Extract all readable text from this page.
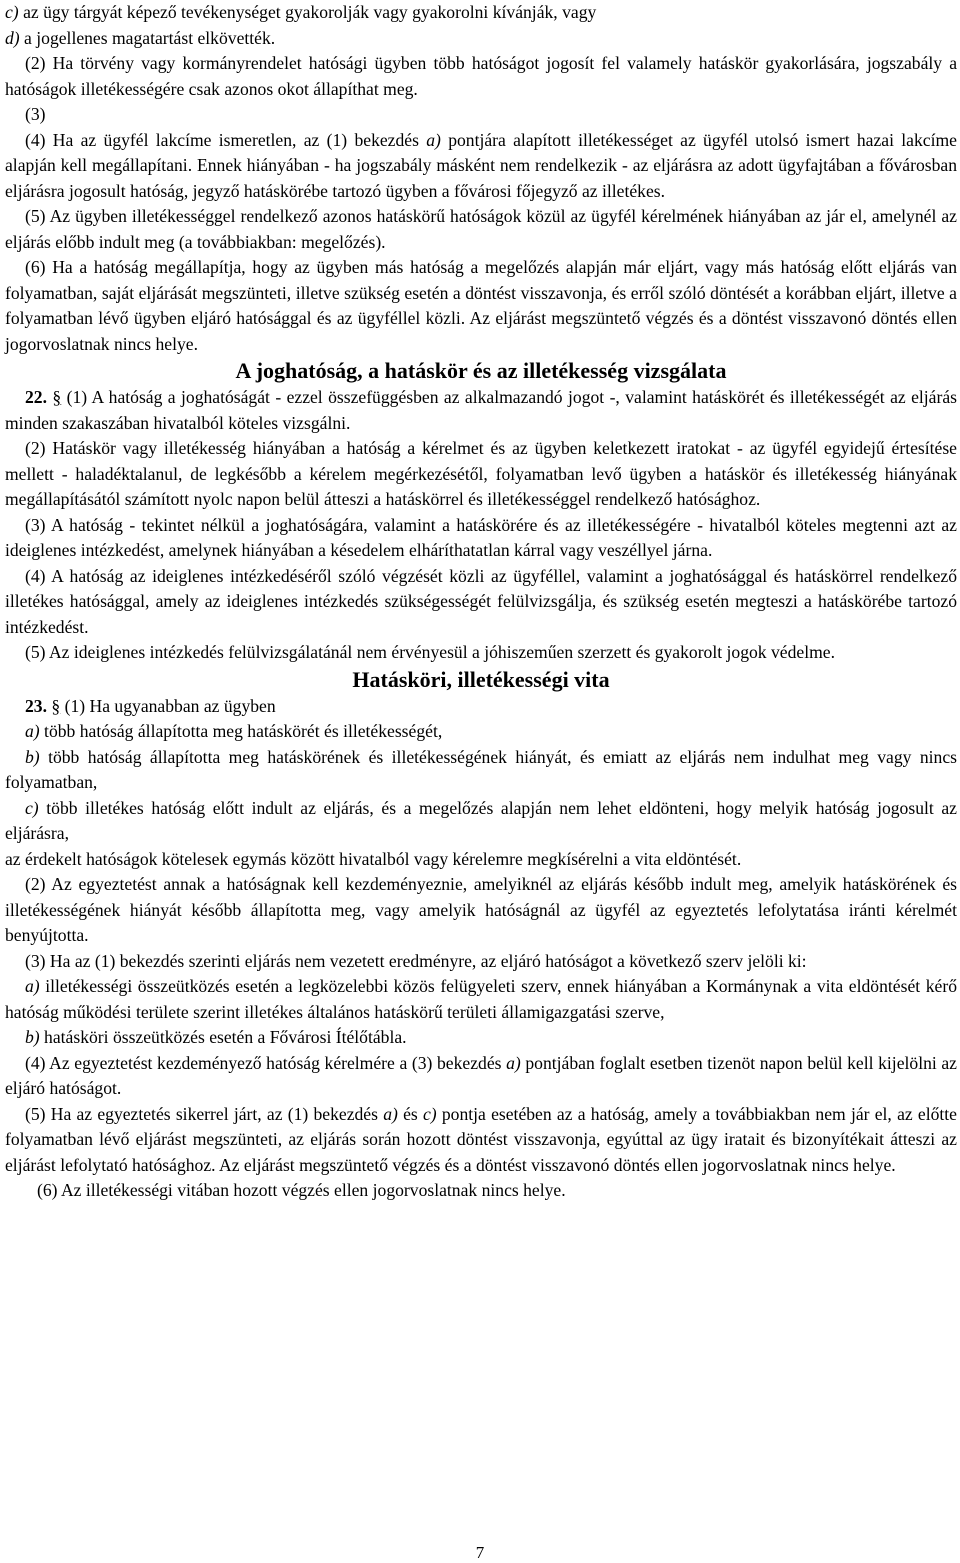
c) az ügy tárgyát képező tevékenységet gyakorolják vagy gyakorolni kívánják, vagy

d) a jogellenes magatartást elkövették.

(2) Ha törvény vagy kormányrendelet hatósági ügyben több hatóságot jogosít fel valamely hatáskör gyakorlására, jogszabály a hatóságok illetékességére csak azonos okot állapíthat meg.

(3)

(4) Ha az ügyfél lakcíme ismeretlen, az (1) bekezdés a) pontjára alapított illetékességet az ügyfél utolsó ismert hazai lakcíme alapján kell megállapítani. Ennek hiányában - ha jogszabály másként nem rendelkezik - az eljárásra az adott ügyfajtában a fővárosban eljárásra jogosult hatóság, jegyző hatáskörébe tartozó ügyben a fővárosi főjegyző az illetékes.

(5) Az ügyben illetékességgel rendelkező azonos hatáskörű hatóságok közül az ügyfél kérelmének hiányában az jár el, amelynél az eljárás előbb indult meg (a továbbiakban: megelőzés).

(6) Ha a hatóság megállapítja, hogy az ügyben más hatóság a megelőzés alapján már eljárt, vagy más hatóság előtt eljárás van folyamatban, saját eljárását megszünteti, illetve szükség esetén a döntést visszavonja, és erről szóló döntését a korábban eljárt, illetve a folyamatban lévő ügyben eljáró hatósággal és az ügyféllel közli. Az eljárást megszüntető végzés és a döntést visszavonó döntés ellen jogorvoslatnak nincs helye.

A joghatóság, a hatáskör és az illetékesség vizsgálata

22. § (1) A hatóság a joghatóságát - ezzel összefüggésben az alkalmazandó jogot -, valamint hatáskörét és illetékességét az eljárás minden szakaszában hivatalból köteles vizsgálni.

(2) Hatáskör vagy illetékesség hiányában a hatóság a kérelmet és az ügyben keletkezett iratokat - az ügyfél egyidejű értesítése mellett - haladéktalanul, de legkésőbb a kérelem megérkezésétől, folyamatban levő ügyben a hatáskör és illetékesség hiányának megállapításától számított nyolc napon belül átteszi a hatáskörrel és illetékességgel rendelkező hatósághoz.

(3) A hatóság - tekintet nélkül a joghatóságára, valamint a hatáskörére és az illetékességére - hivatalból köteles megtenni azt az ideiglenes intézkedést, amelynek hiányában a késedelem elháríthatatlan kárral vagy veszéllyel járna.

(4) A hatóság az ideiglenes intézkedéséről szóló végzését közli az ügyféllel, valamint a joghatósággal és hatáskörrel rendelkező illetékes hatósággal, amely az ideiglenes intézkedés szükségességét felülvizsgálja, és szükség esetén megteszi a hatáskörébe tartozó intézkedést.

(5) Az ideiglenes intézkedés felülvizsgálatánál nem érvényesül a jóhiszeműen szerzett és gyakorolt jogok védelme.

Hatásköri, illetékességi vita

23. § (1) Ha ugyanabban az ügyben

a) több hatóság állapította meg hatáskörét és illetékességét,

b) több hatóság állapította meg hatáskörének és illetékességének hiányát, és emiatt az eljárás nem indulhat meg vagy nincs folyamatban,

c) több illetékes hatóság előtt indult az eljárás, és a megelőzés alapján nem lehet eldönteni, hogy melyik hatóság jogosult az eljárásra,

az érdekelt hatóságok kötelesek egymás között hivatalból vagy kérelemre megkísérelni a vita eldöntését.

(2) Az egyeztetést annak a hatóságnak kell kezdeményeznie, amelyiknél az eljárás később indult meg, amelyik hatáskörének és illetékességének hiányát később állapította meg, vagy amelyik hatóságnál az ügyfél az egyeztetés lefolytatása iránti kérelmét benyújtotta.

(3) Ha az (1) bekezdés szerinti eljárás nem vezetett eredményre, az eljáró hatóságot a következő szerv jelöli ki:

a) illetékességi összeütközés esetén a legközelebbi közös felügyeleti szerv, ennek hiányában a Kormánynak a vita eldöntését kérő hatóság működési területe szerint illetékes általános hatáskörű területi államigazgatási szerve,

b) hatásköri összeütközés esetén a Fővárosi Ítélőtábla.

(4) Az egyeztetést kezdeményező hatóság kérelmére a (3) bekezdés a) pontjában foglalt esetben tizenöt napon belül kell kijelölni az eljáró hatóságot.

(5) Ha az egyeztetés sikerrel járt, az (1) bekezdés a) és c) pontja esetében az a hatóság, amely a továbbiakban nem jár el, az előtte folyamatban lévő eljárást megszünteti, az eljárás során hozott döntést visszavonja, egyúttal az ügy iratait és bizonyítékait átteszi az eljárást lefolytató hatósághoz. Az eljárást megszüntető végzés és a döntést visszavonó döntés ellen jogorvoslatnak nincs helye.

(6) Az illetékességi vitában hozott végzés ellen jogorvoslatnak nincs helye.

7
